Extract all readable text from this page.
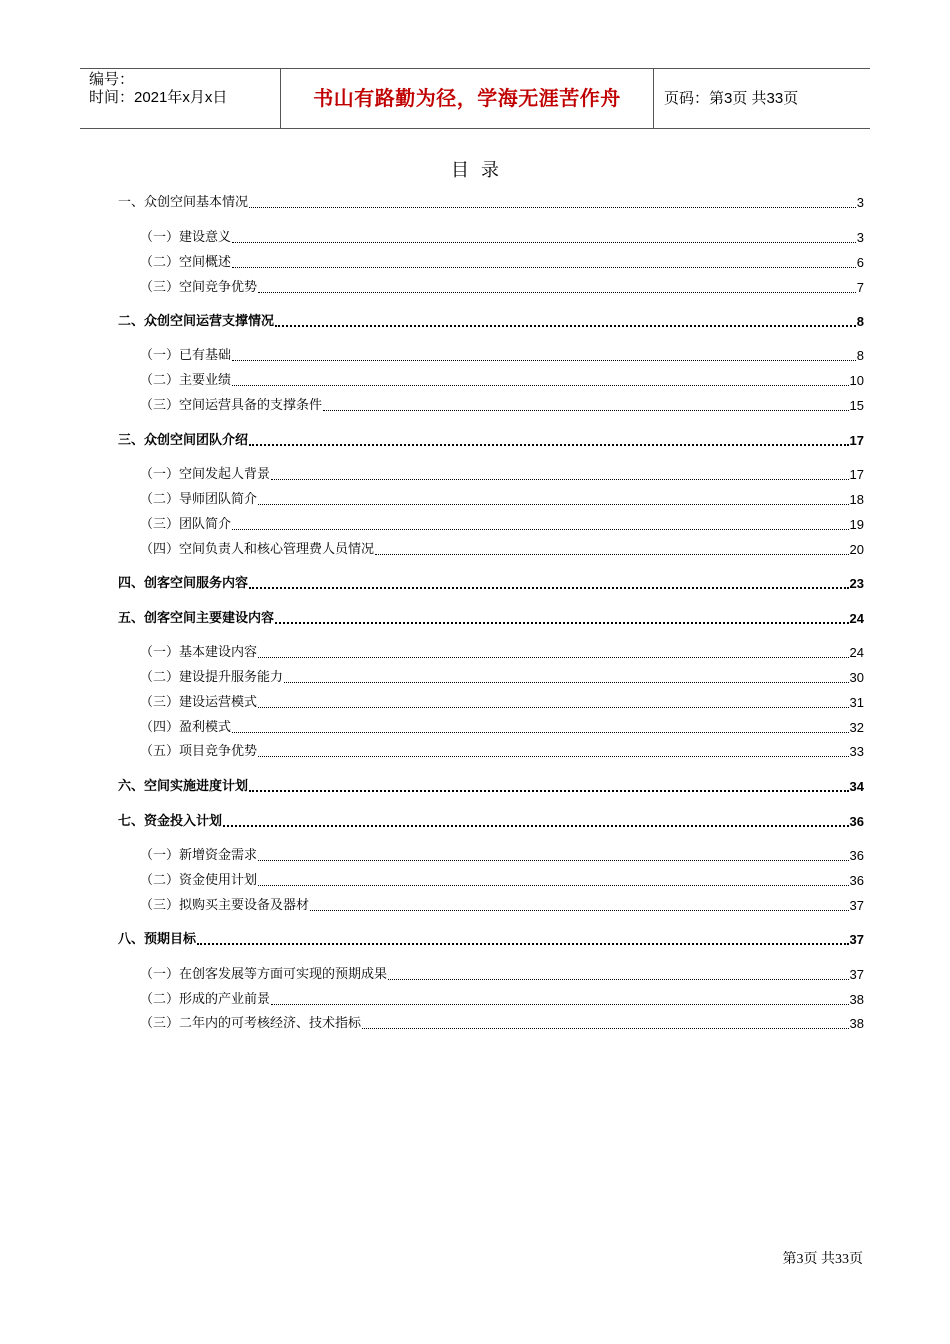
编号：
时间：2021年x月x日	书山有路勤为径，学海无涯苦作舟	页码：第3页 共33页
目录
一、众创空间基本情况	3
（一）建设意义	3
（二）空间概述	6
（三）空间竞争优势	7
二、众创空间运营支撑情况	8
（一）已有基础	8
（二）主要业绩	10
（三）空间运营具备的支撑条件	15
三、众创空间团队介绍	17
（一）空间发起人背景	17
（二）导师团队简介	18
（三）团队简介	19
（四）空间负责人和核心管理费人员情况	20
四、创客空间服务内容	23
五、创客空间主要建设内容	24
（一）基本建设内容	24
（二）建设提升服务能力	30
（三）建设运营模式	31
（四）盈利模式	32
（五）项目竞争优势	33
六、空间实施进度计划	34
七、资金投入计划	36
（一）新增资金需求	36
（二）资金使用计划	36
（三）拟购买主要设备及器材	37
八、预期目标	37
（一）在创客发展等方面可实现的预期成果	37
（二）形成的产业前景	38
（三）二年内的可考核经济、技术指标	38
第3页 共33页
